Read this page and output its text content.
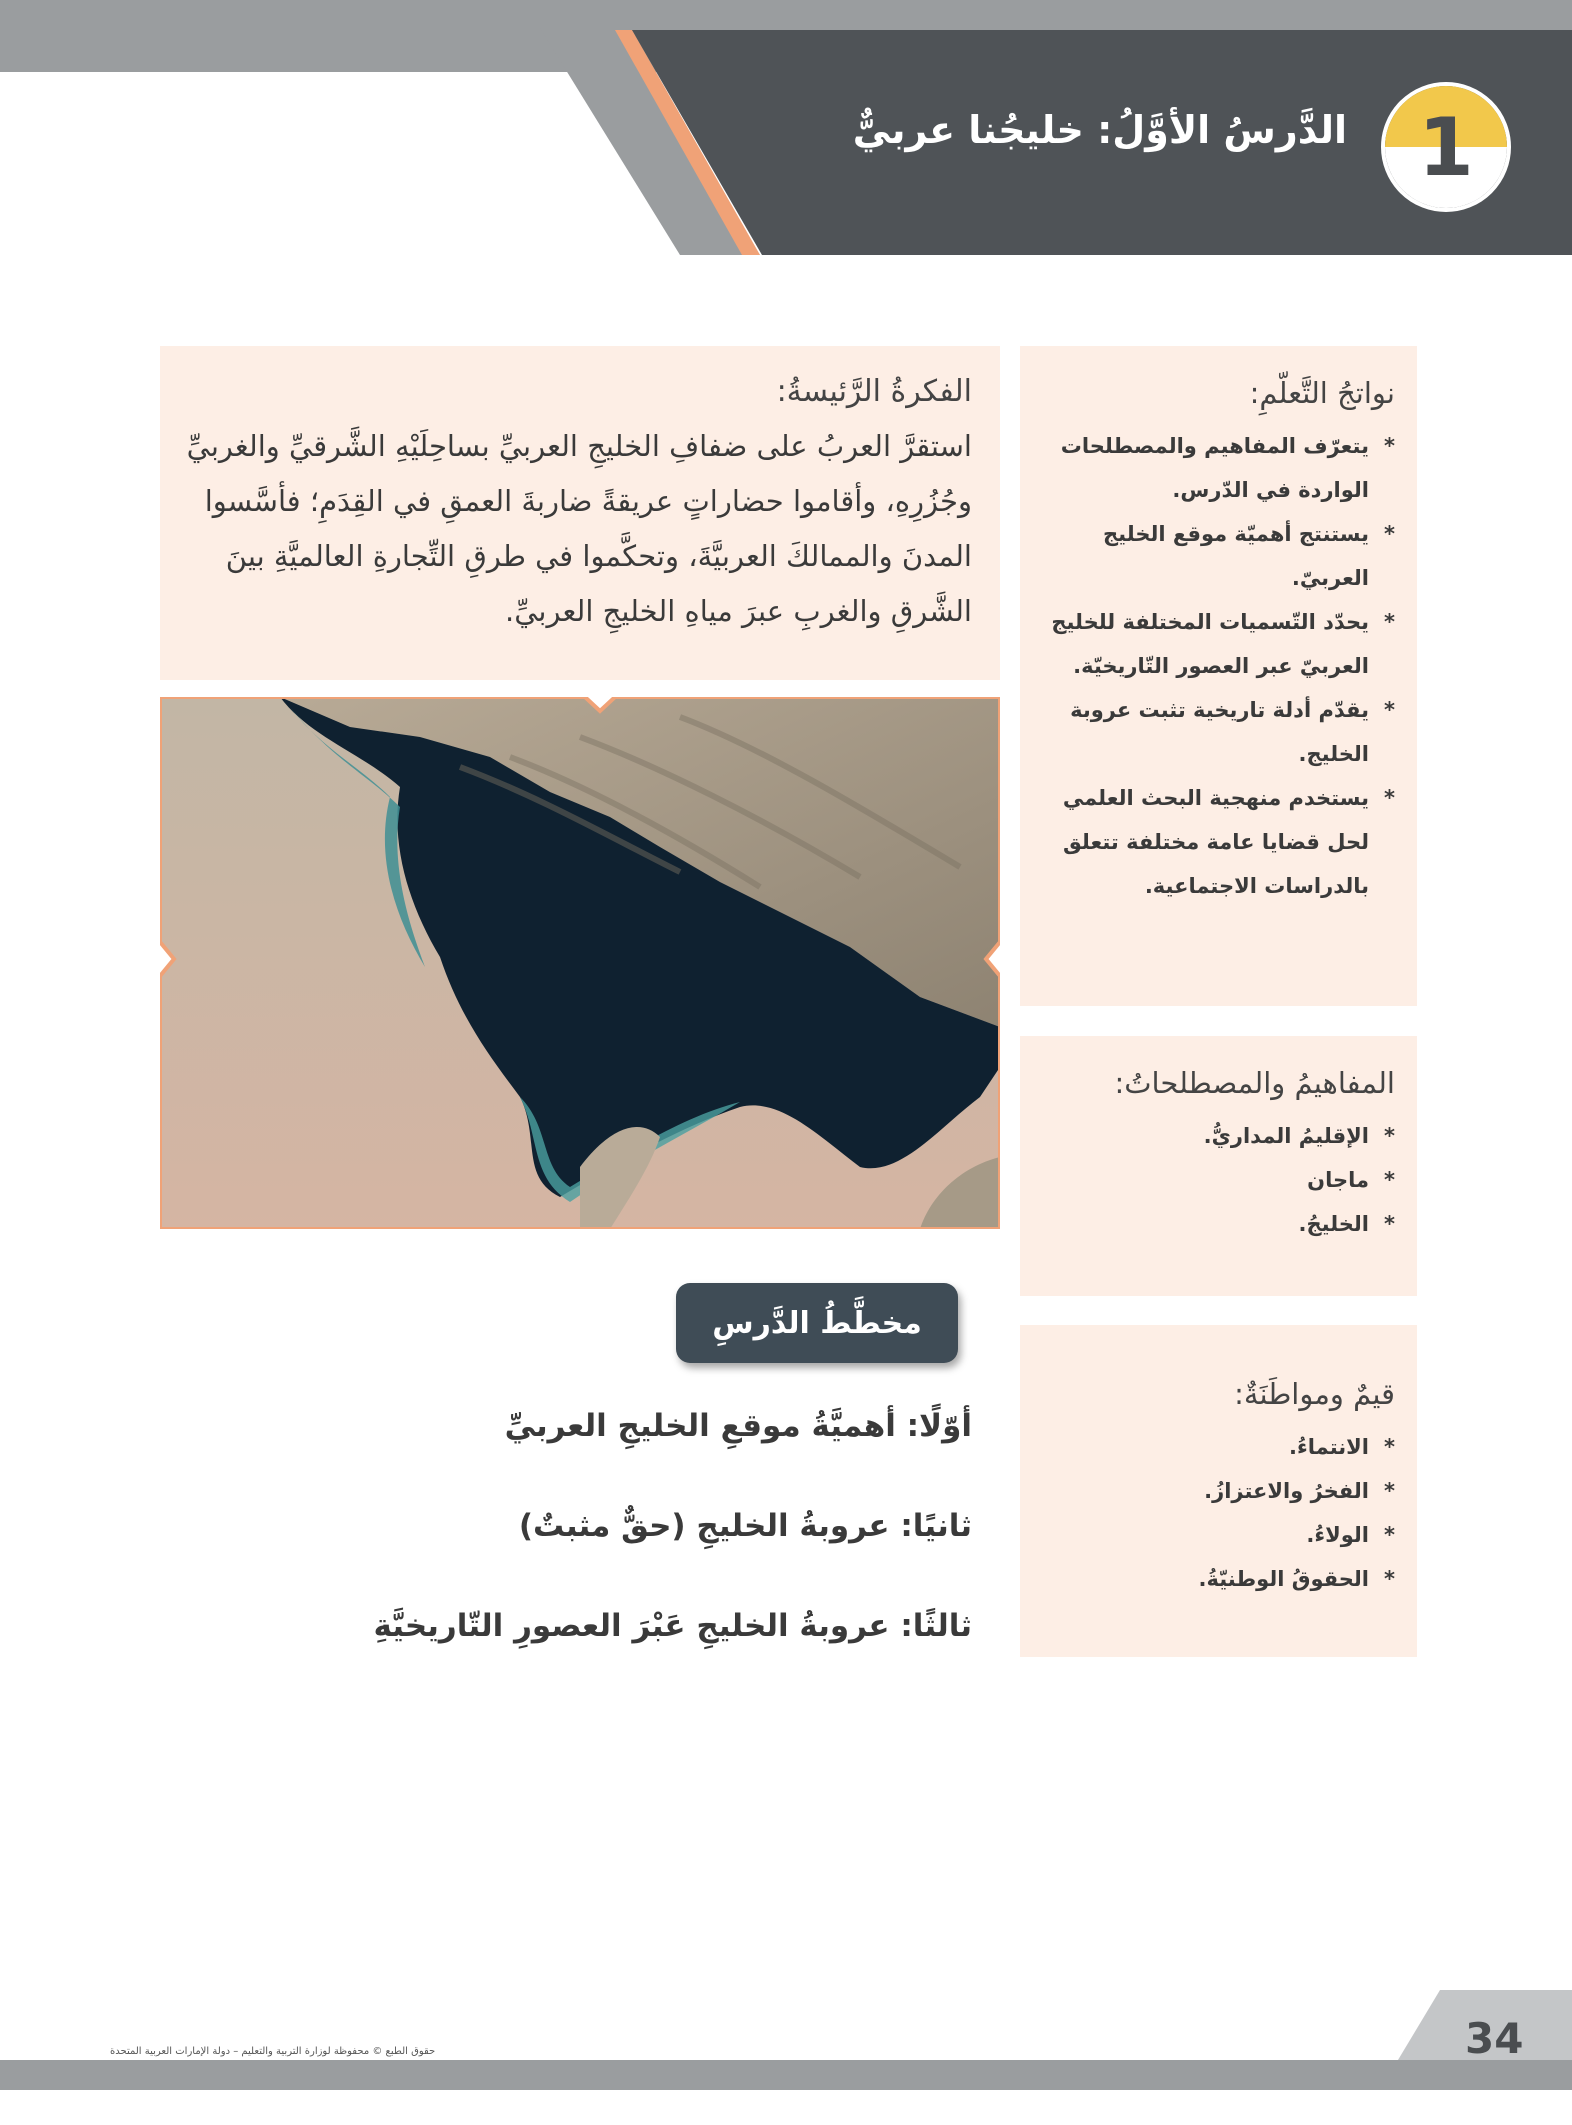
الدَّرسُ الأوَّلُ: خليجُنا عربيٌّ 1
الفكرةُ الرَّئيسةُ:

استقرَّ العربُ على ضفافِ الخليجِ العربيِّ بساحِلَيْهِ الشَّرقيِّ والغربيِّ وجُزُرِهِ، وأقاموا حضاراتٍ عريقةً ضاربةَ العمقِ في القِدَمِ؛ فأسَّسوا المدنَ والممالكَ العربيَّةَ، وتحكَّموا في طرقِ التِّجارةِ العالميَّةِ بينَ الشَّرقِ والغربِ عبرَ مياهِ الخليجِ العربيِّ.

نواتجُ التَّعلّمِ:
* يتعرّف المفاهيم والمصطلحات الواردة في الدّرس.
* يستنتج أهميّة موقع الخليج العربيّ.
* يحدّد التّسميات المختلفة للخليج العربيّ عبر العصور التّاريخيّة.
* يقدّم أدلة تاريخية تثبت عروبة الخليج.
* يستخدم منهجية البحث العلمي لحل قضايا عامة مختلفة تتعلق بالدراسات الاجتماعية.
المفاهيمُ والمصطلحاتُ:
* الإقليمُ المداريُّ.
* ماجان
* الخليجُ.
قيمٌ ومواطَنَةٌ:
* الانتماءُ.
* الفخرُ والاعتزازُ.
* الولاءُ.
* الحقوقُ الوطنيّةُ.
مخطَّطُ الدَّرسِ
أوّلًا: أهميَّةُ موقعِ الخليجِ العربيِّ
ثانيًا: عروبةُ الخليجِ (حقٌّ مثبتٌ)
ثالثًا: عروبةُ الخليجِ عَبْرَ العصورِ التّاريخيَّةِ
34
حقوق الطبع © محفوظة لوزارة التربية والتعليم – دولة الإمارات العربية المتحدة
